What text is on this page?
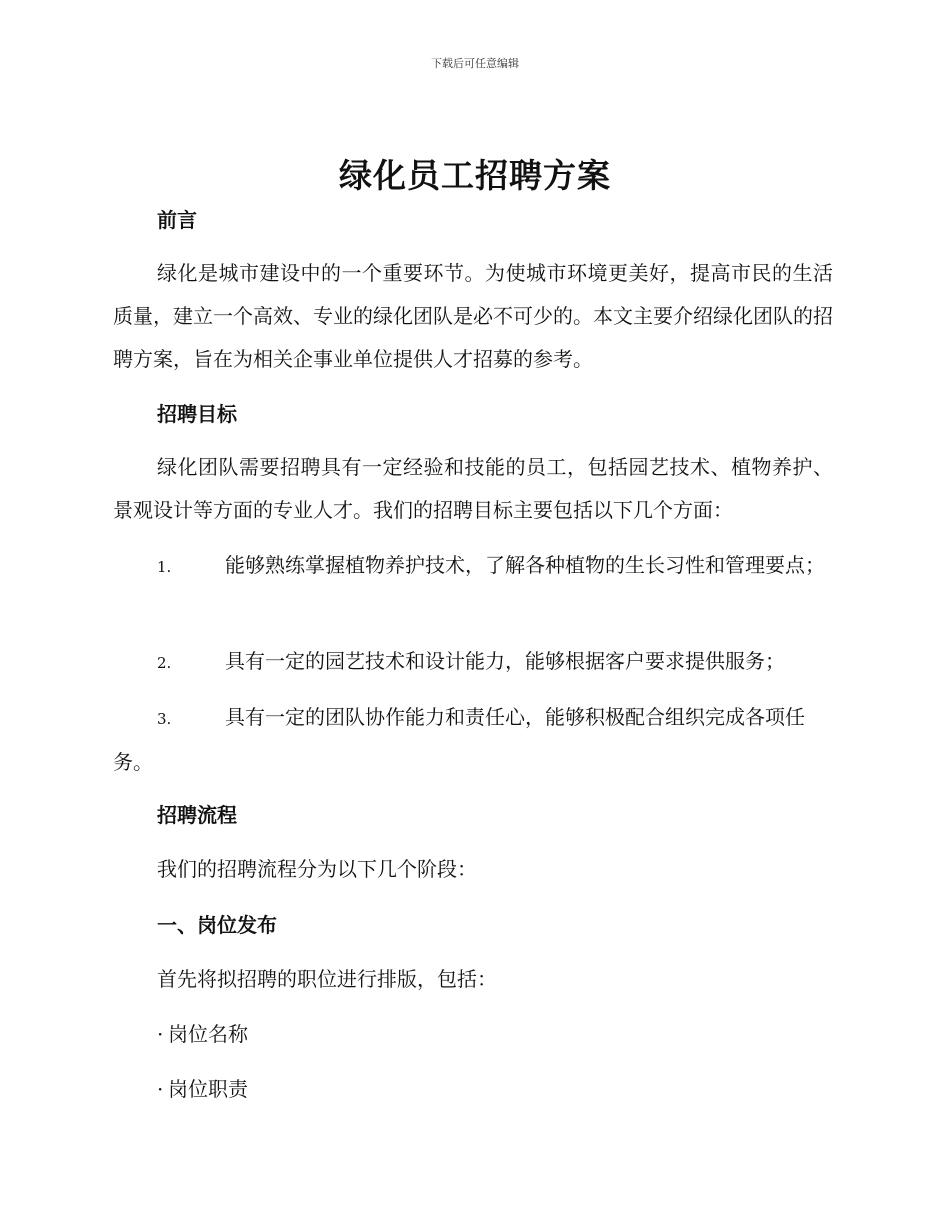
下载后可任意编辑
绿化员工招聘方案
前言
绿化是城市建设中的一个重要环节。为使城市环境更美好，提高市民的生活质量，建立一个高效、专业的绿化团队是必不可少的。本文主要介绍绿化团队的招聘方案，旨在为相关企事业单位提供人才招募的参考。
招聘目标
绿化团队需要招聘具有一定经验和技能的员工，包括园艺技术、植物养护、景观设计等方面的专业人才。我们的招聘目标主要包括以下几个方面：
1.	能够熟练掌握植物养护技术，了解各种植物的生长习性和管理要点；
2.	具有一定的园艺技术和设计能力，能够根据客户要求提供服务；
3.	具有一定的团队协作能力和责任心，能够积极配合组织完成各项任务。
招聘流程
我们的招聘流程分为以下几个阶段：
一、岗位发布
首先将拟招聘的职位进行排版，包括：
· 岗位名称
· 岗位职责
